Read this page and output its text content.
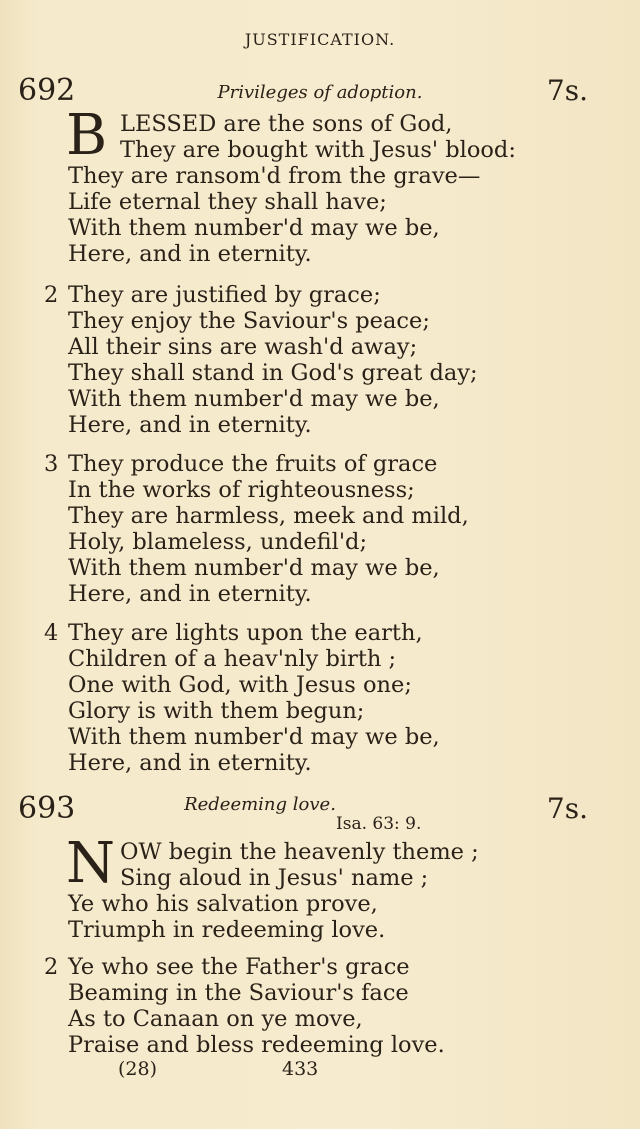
JUSTIFICATION.
692	Privileges of adoption.	7s.
B LESSED are the sons of God,
They are bought with Jesus' blood:
They are ransom'd from the grave—
Life eternal they shall have;
With them number'd may we be,
Here, and in eternity.
2 They are justified by grace;
They enjoy the Saviour's peace;
All their sins are wash'd away;
They shall stand in God's great day;
With them number'd may we be,
Here, and in eternity.
3 They produce the fruits of grace
In the works of righteousness;
They are harmless, meek and mild,
Holy, blameless, undefil'd;
With them number'd may we be,
Here, and in eternity.
4 They are lights upon the earth,
Children of a heav'nly birth ;
One with God, with Jesus one;
Glory is with them begun;
With them number'd may we be,
Here, and in eternity.
693	Redeeming love.	7s.
Isa. 63: 9.
N OW begin the heavenly theme ;
Sing aloud in Jesus' name ;
Ye who his salvation prove,
Triumph in redeeming love.
2 Ye who see the Father's grace
Beaming in the Saviour's face
As to Canaan on ye move,
Praise and bless redeeming love.
(28)	433
